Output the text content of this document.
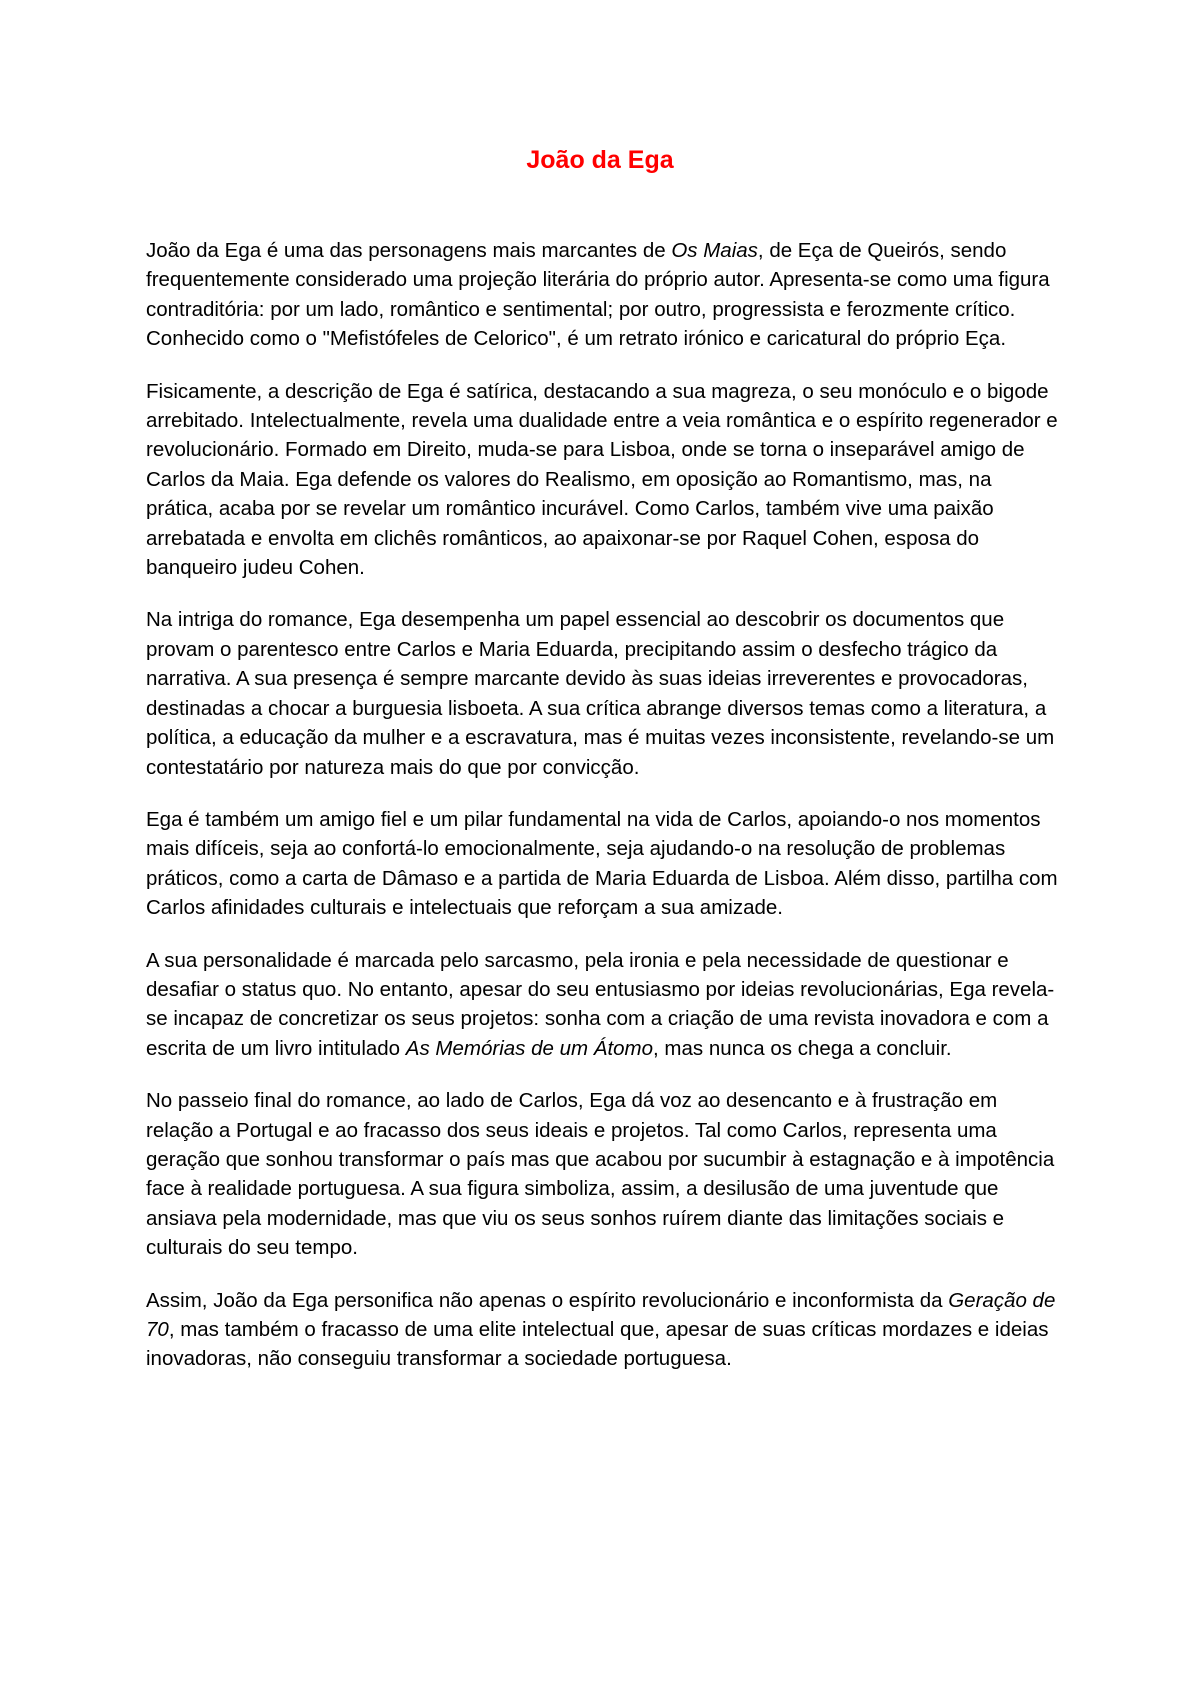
João da Ega

João da Ega é uma das personagens mais marcantes de Os Maias, de Eça de Queirós, sendo frequentemente considerado uma projeção literária do próprio autor. Apresenta-se como uma figura contraditória: por um lado, romântico e sentimental; por outro, progressista e ferozmente crítico. Conhecido como o "Mefistófeles de Celorico", é um retrato irónico e caricatural do próprio Eça.

Fisicamente, a descrição de Ega é satírica, destacando a sua magreza, o seu monóculo e o bigode arrebitado. Intelectualmente, revela uma dualidade entre a veia romântica e o espírito regenerador e revolucionário. Formado em Direito, muda-se para Lisboa, onde se torna o inseparável amigo de Carlos da Maia. Ega defende os valores do Realismo, em oposição ao Romantismo, mas, na prática, acaba por se revelar um romântico incurável. Como Carlos, também vive uma paixão arrebatada e envolta em clichês românticos, ao apaixonar-se por Raquel Cohen, esposa do banqueiro judeu Cohen.

Na intriga do romance, Ega desempenha um papel essencial ao descobrir os documentos que provam o parentesco entre Carlos e Maria Eduarda, precipitando assim o desfecho trágico da narrativa. A sua presença é sempre marcante devido às suas ideias irreverentes e provocadoras, destinadas a chocar a burguesia lisboeta. A sua crítica abrange diversos temas como a literatura, a política, a educação da mulher e a escravatura, mas é muitas vezes inconsistente, revelando-se um contestatário por natureza mais do que por convicção.

Ega é também um amigo fiel e um pilar fundamental na vida de Carlos, apoiando-o nos momentos mais difíceis, seja ao confortá-lo emocionalmente, seja ajudando-o na resolução de problemas práticos, como a carta de Dâmaso e a partida de Maria Eduarda de Lisboa. Além disso, partilha com Carlos afinidades culturais e intelectuais que reforçam a sua amizade.

A sua personalidade é marcada pelo sarcasmo, pela ironia e pela necessidade de questionar e desafiar o status quo. No entanto, apesar do seu entusiasmo por ideias revolucionárias, Ega revela-se incapaz de concretizar os seus projetos: sonha com a criação de uma revista inovadora e com a escrita de um livro intitulado As Memórias de um Átomo, mas nunca os chega a concluir.

No passeio final do romance, ao lado de Carlos, Ega dá voz ao desencanto e à frustração em relação a Portugal e ao fracasso dos seus ideais e projetos. Tal como Carlos, representa uma geração que sonhou transformar o país mas que acabou por sucumbir à estagnação e à impotência face à realidade portuguesa. A sua figura simboliza, assim, a desilusão de uma juventude que ansiava pela modernidade, mas que viu os seus sonhos ruírem diante das limitações sociais e culturais do seu tempo.

Assim, João da Ega personifica não apenas o espírito revolucionário e inconformista da Geração de 70, mas também o fracasso de uma elite intelectual que, apesar de suas críticas mordazes e ideias inovadoras, não conseguiu transformar a sociedade portuguesa.
